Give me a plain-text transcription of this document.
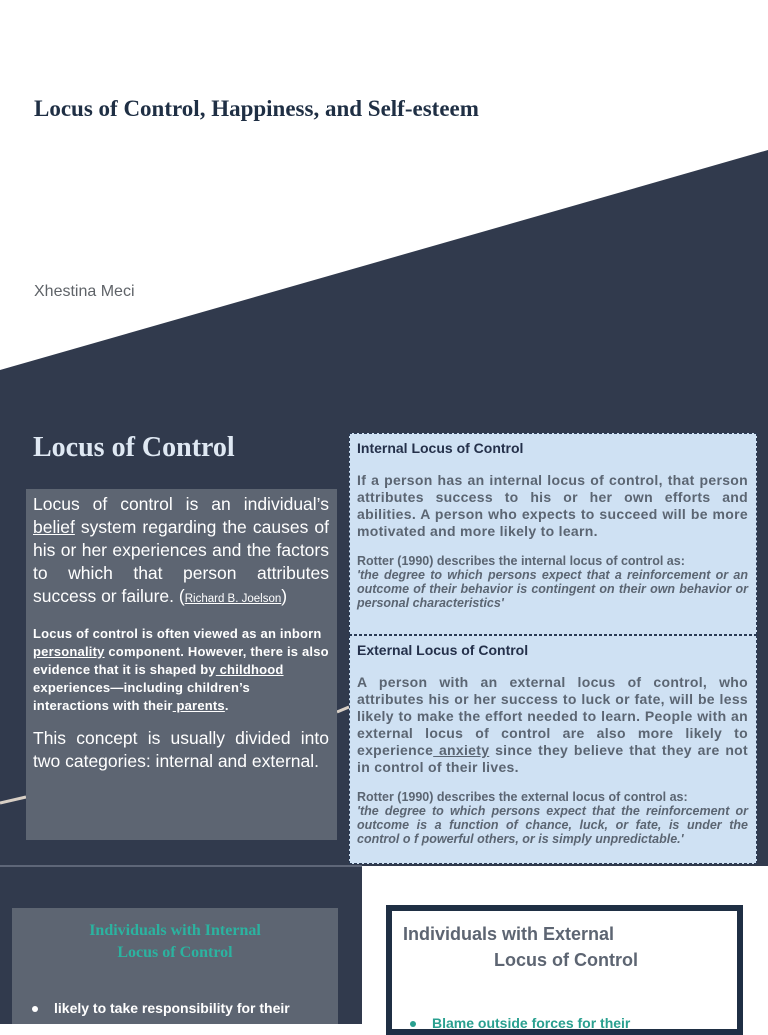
Locus of Control, Happiness, and Self-esteem
Xhestina Meci
Locus of Control

Locus of control is an individual’s belief system regarding the causes of his or her experiences and the factors to which that person attributes success or failure. (Richard B. Joelson)

Locus of control is often viewed as an inborn personality component. However, there is also evidence that it is shaped by childhood experiences—including children’s interactions with their parents.

This concept is usually divided into two categories: internal and external.

Internal Locus of Control

If a person has an internal locus of control, that person attributes success to his or her own efforts and abilities. A person who expects to succeed will be more motivated and more likely to learn.

Rotter (1990) describes the internal locus of control as:

'the degree to which persons expect that a reinforcement or an outcome of their behavior is contingent on their own behavior or personal characteristics'

External Locus of Control

A person with an external locus of control, who attributes his or her success to luck or fate, will be less likely to make the effort needed to learn. People with an external locus of control are also more likely to experience anxiety since they believe that they are not in control of their lives.

Rotter (1990) describes the external locus of control as:

'the degree to which persons expect that the reinforcement or outcome is a function of chance, luck, or fate, is under the control o f powerful others, or is simply unpredictable.'

Individuals with Internal
Locus of Control
likely to take responsibility for their
Individuals with External
Locus of Control
Blame outside forces for their
